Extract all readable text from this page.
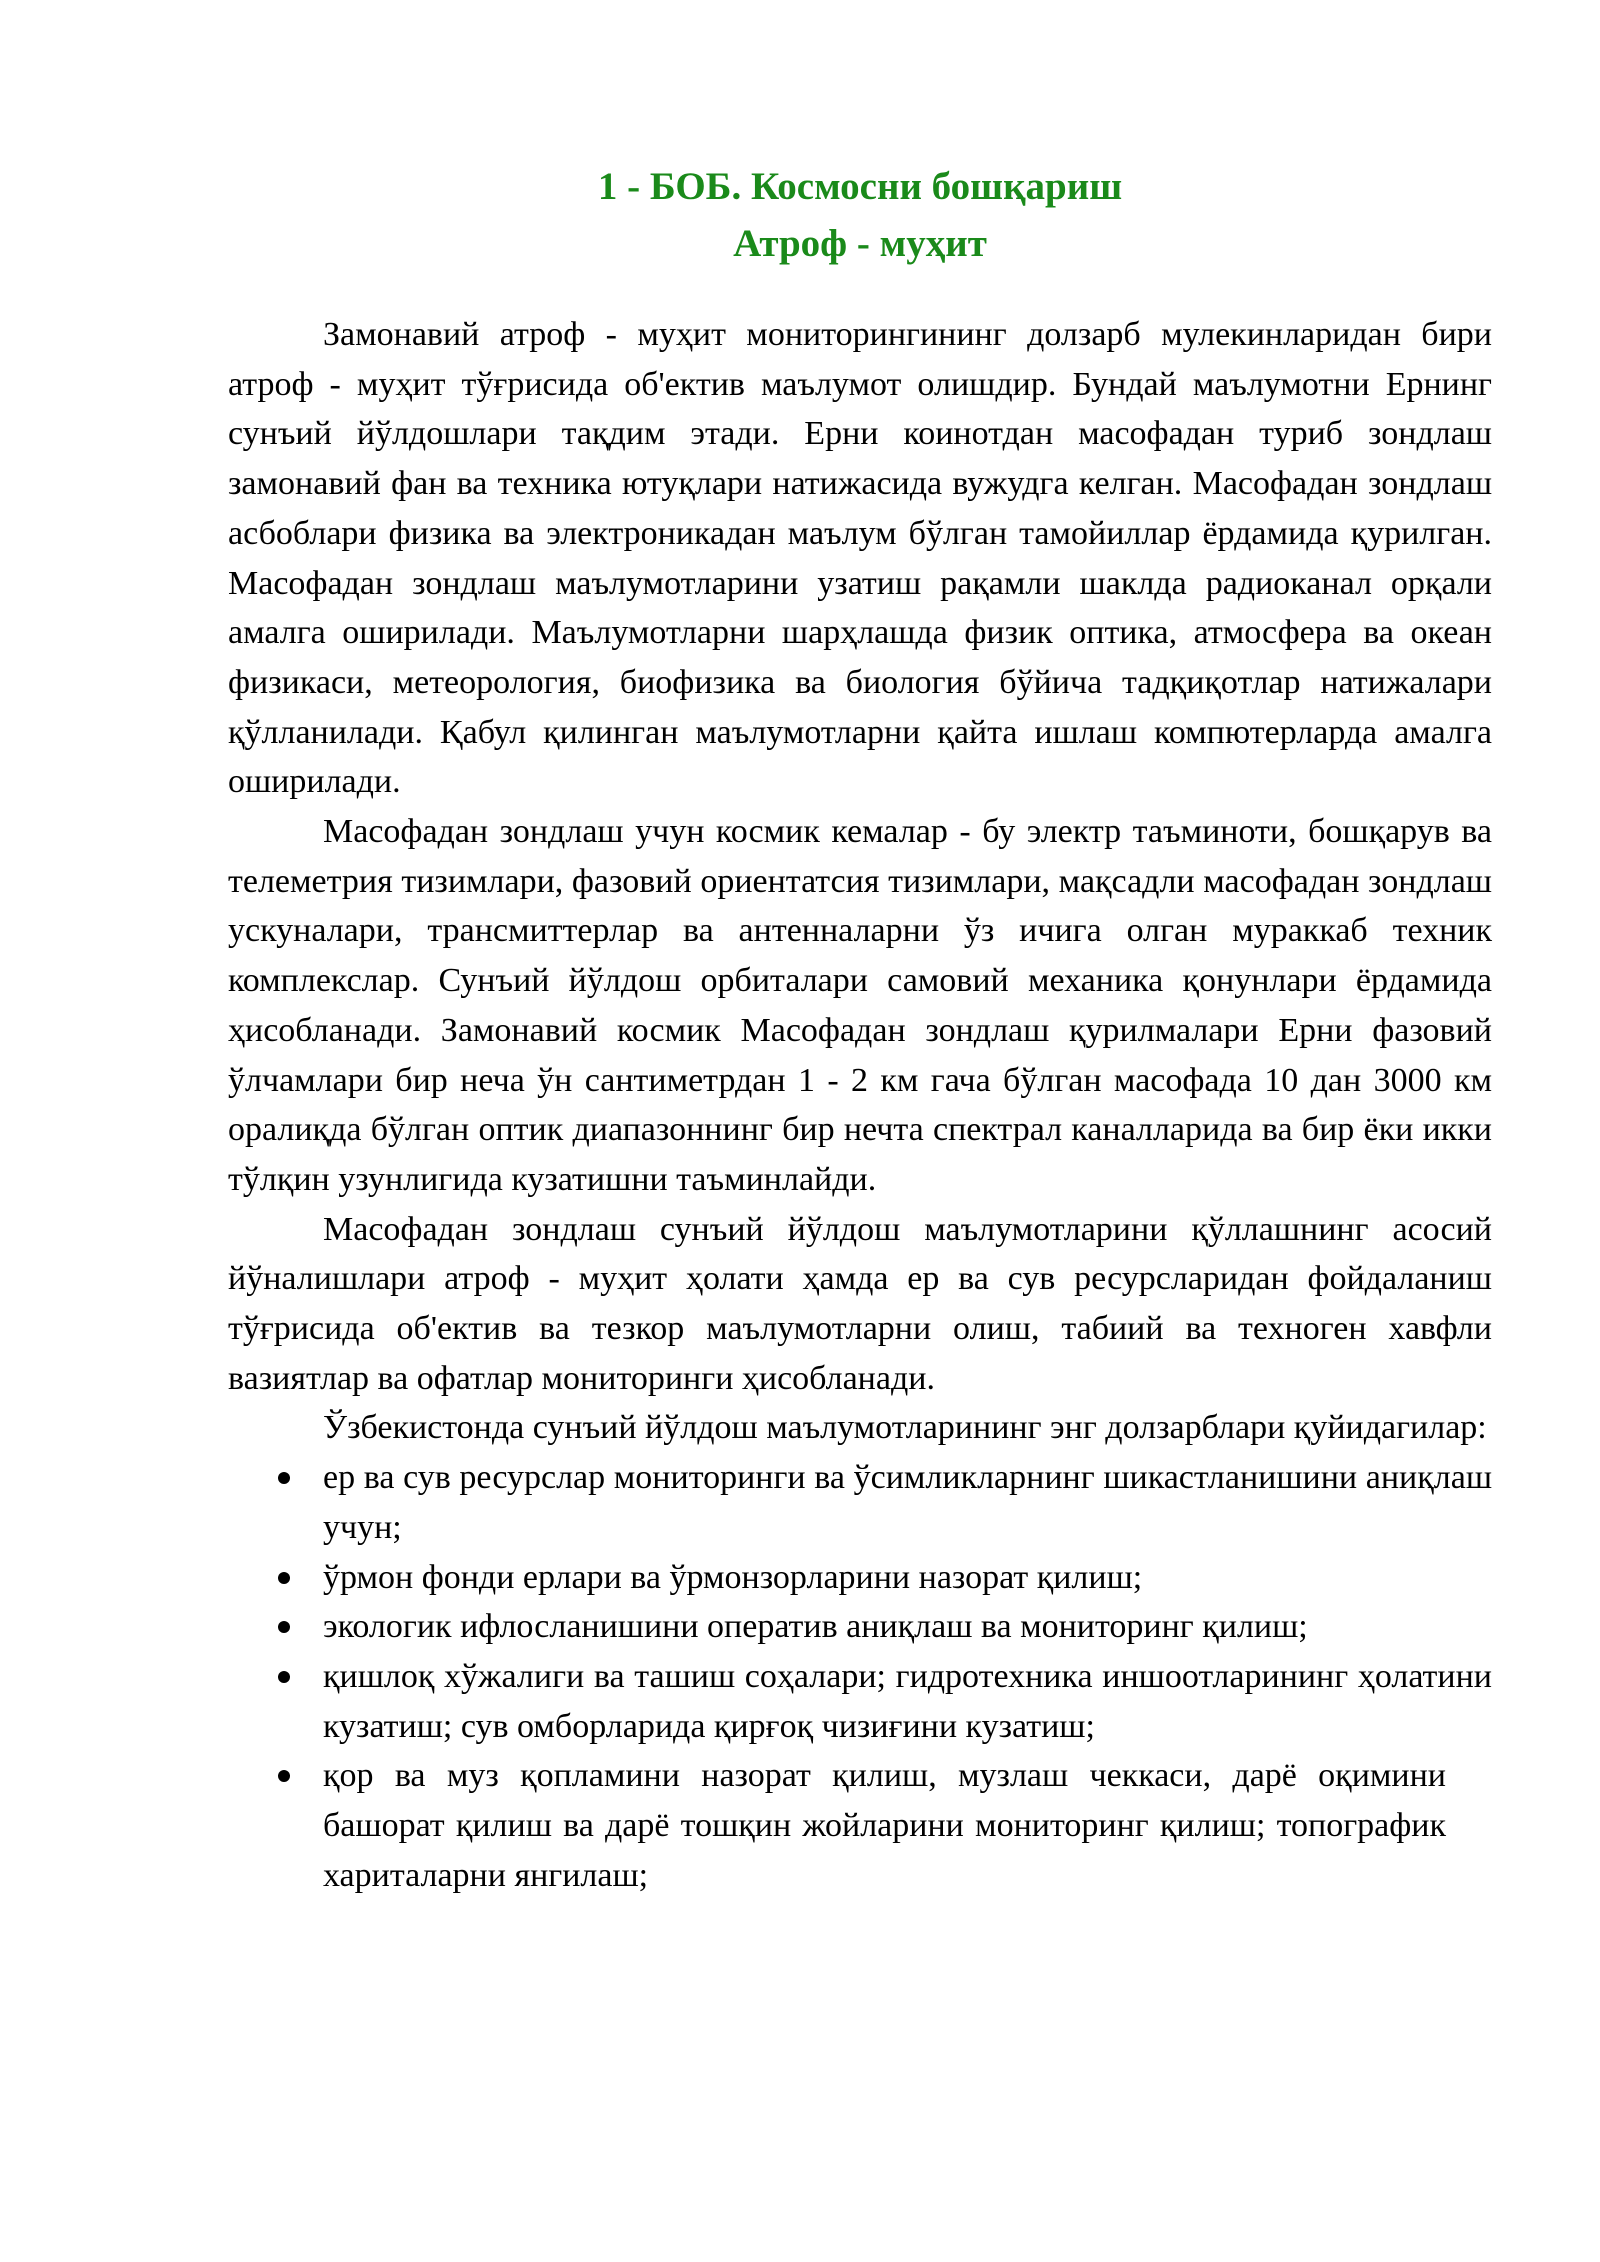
1 - БОБ. Космосни бошқариш
Атроф - муҳит

Замонавий атроф - муҳит мониторингининг долзарб мулекинларидан бири атроф - муҳит тўғрисида об'ектив маълумот олишдир. Бундай маълумотни Ернинг сунъий йўлдошлари тақдим этади. Ерни коинотдан масофадан туриб зондлаш замонавий фан ва техника ютуқлари натижасида вужудга келган. Масофадан зондлаш асбоблари физика ва электроникадан маълум бўлган тамойиллар ёрдамида қурилган. Масофадан зондлаш маълумотларини узатиш рақамли шаклда радиоканал орқали амалга оширилади. Маълумотларни шарҳлашда физик оптика, атмосфера ва океан физикаси, метеорология, биофизика ва биология бўйича тадқиқотлар натижалари қўлланилади. Қабул қилинган маълумотларни қайта ишлаш компютерларда амалга оширилади.

Масофадан зондлаш учун космик кемалар - бу электр таъминоти, бошқарув ва телеметрия тизимлари, фазовий ориентатсия тизимлари, мақсадли масофадан зондлаш ускуналари, трансмиттерлар ва антенналарни ўз ичига олган мураккаб техник комплекслар. Сунъий йўлдош орбиталари самовий механика қонунлари ёрдамида ҳисобланади. Замонавий космик Масофадан зондлаш қурилмалари Ерни фазовий ўлчамлари бир неча ўн сантиметрдан 1 - 2 км гача бўлган масофада 10 дан 3000 км оралиқда бўлган оптик диапазоннинг бир нечта спектрал каналларида ва бир ёки икки тўлқин узунлигида кузатишни таъминлайди.

Масофадан зондлаш сунъий йўлдош маълумотларини қўллашнинг асосий йўналишлари атроф - муҳит ҳолати ҳамда ер ва сув ресурсларидан фойдаланиш тўғрисида об'ектив ва тезкор маълумотларни олиш, табиий ва техноген хавфли вазиятлар ва офатлар мониторинги ҳисобланади.

Ўзбекистонда сунъий йўлдош маълумотларининг энг долзарблари қуйидагилар:

ер ва сув ресурслар мониторинги ва ўсимликларнинг шикастланишини аниқлаш учун;
ўрмон фонди ерлари ва ўрмонзорларини назорат қилиш;
экологик ифлосланишини оператив аниқлаш ва мониторинг қилиш;
қишлоқ хўжалиги ва ташиш соҳалари; гидротехника иншоотларининг ҳолатини кузатиш; сув омборларида қирғоқ чизиғини кузатиш;
қор ва муз қопламини назорат қилиш, музлаш чеккаси, дарё оқимини башорат қилиш ва дарё тошқин жойларини мониторинг қилиш; топографик хариталарни янгилаш;
